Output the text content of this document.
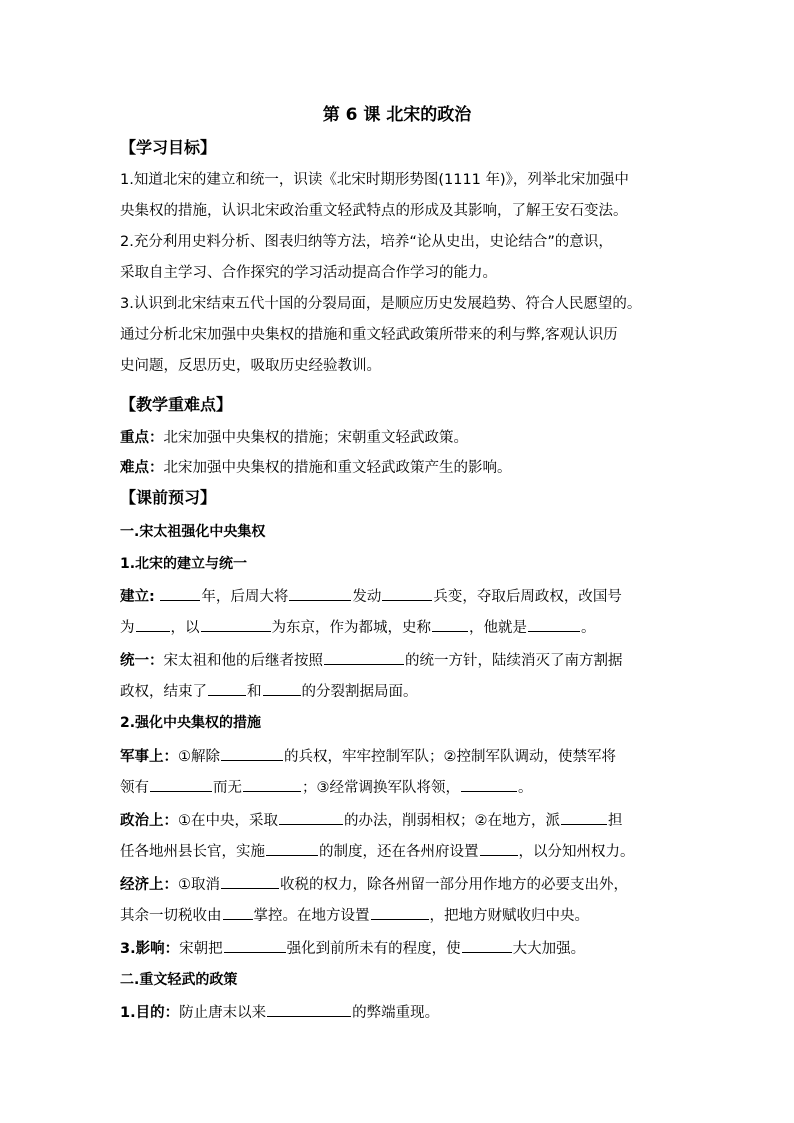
第 6 课 北宋的政治
【学习目标】
1.知道北宋的建立和统一，识读《北宋时期形势图(1111 年)》，列举北宋加强中
央集权的措施，认识北宋政治重文轻武特点的形成及其影响，了解王安石变法。
2.充分利用史料分析、图表归纳等方法，培养“论从史出，史论结合”的意识，
采取自主学习、合作探究的学习活动提高合作学习的能力。
3.认识到北宋结束五代十国的分裂局面，是顺应历史发展趋势、符合人民愿望的。
通过分析北宋加强中央集权的措施和重文轻武政策所带来的利与弊,客观认识历
史问题，反思历史，吸取历史经验教训。
【教学重难点】
重点：北宋加强中央集权的措施；宋朝重文轻武政策。
难点：北宋加强中央集权的措施和重文轻武政策产生的影响。
【课前预习】
一.宋太祖强化中央集权
1.北宋的建立与统一
建立:	年，后周大将	发动	兵变，夺取后周政权，改国号
为 ，以	为东京，作为都城，史称	，他就是	。
统一：宋太祖和他的后继者按照	的统一方针，陆续消灭了南方割据
政权，结束了	和	的分裂割据局面。
2.强化中央集权的措施
军事上：①解除	的兵权，牢牢控制军队；②控制军队调动，使禁军将
领有	而无	；③经常调换军队将领，	。
政治上：①在中央，采取	的办法，削弱相权；②在地方，派	担
任各地州县长官，实施	的制度，还在各州府设置	，以分知州权力。
经济上：①取消	收税的权力，除各州留一部分用作地方的必要支出外，
其余一切税收由 掌控。在地方设置	，把地方财赋收归中央。
3.影响：宋朝把	强化到前所未有的程度，使	大大加强。
二.重文轻武的政策
1.目的：防止唐末以来	的弊端重现。
